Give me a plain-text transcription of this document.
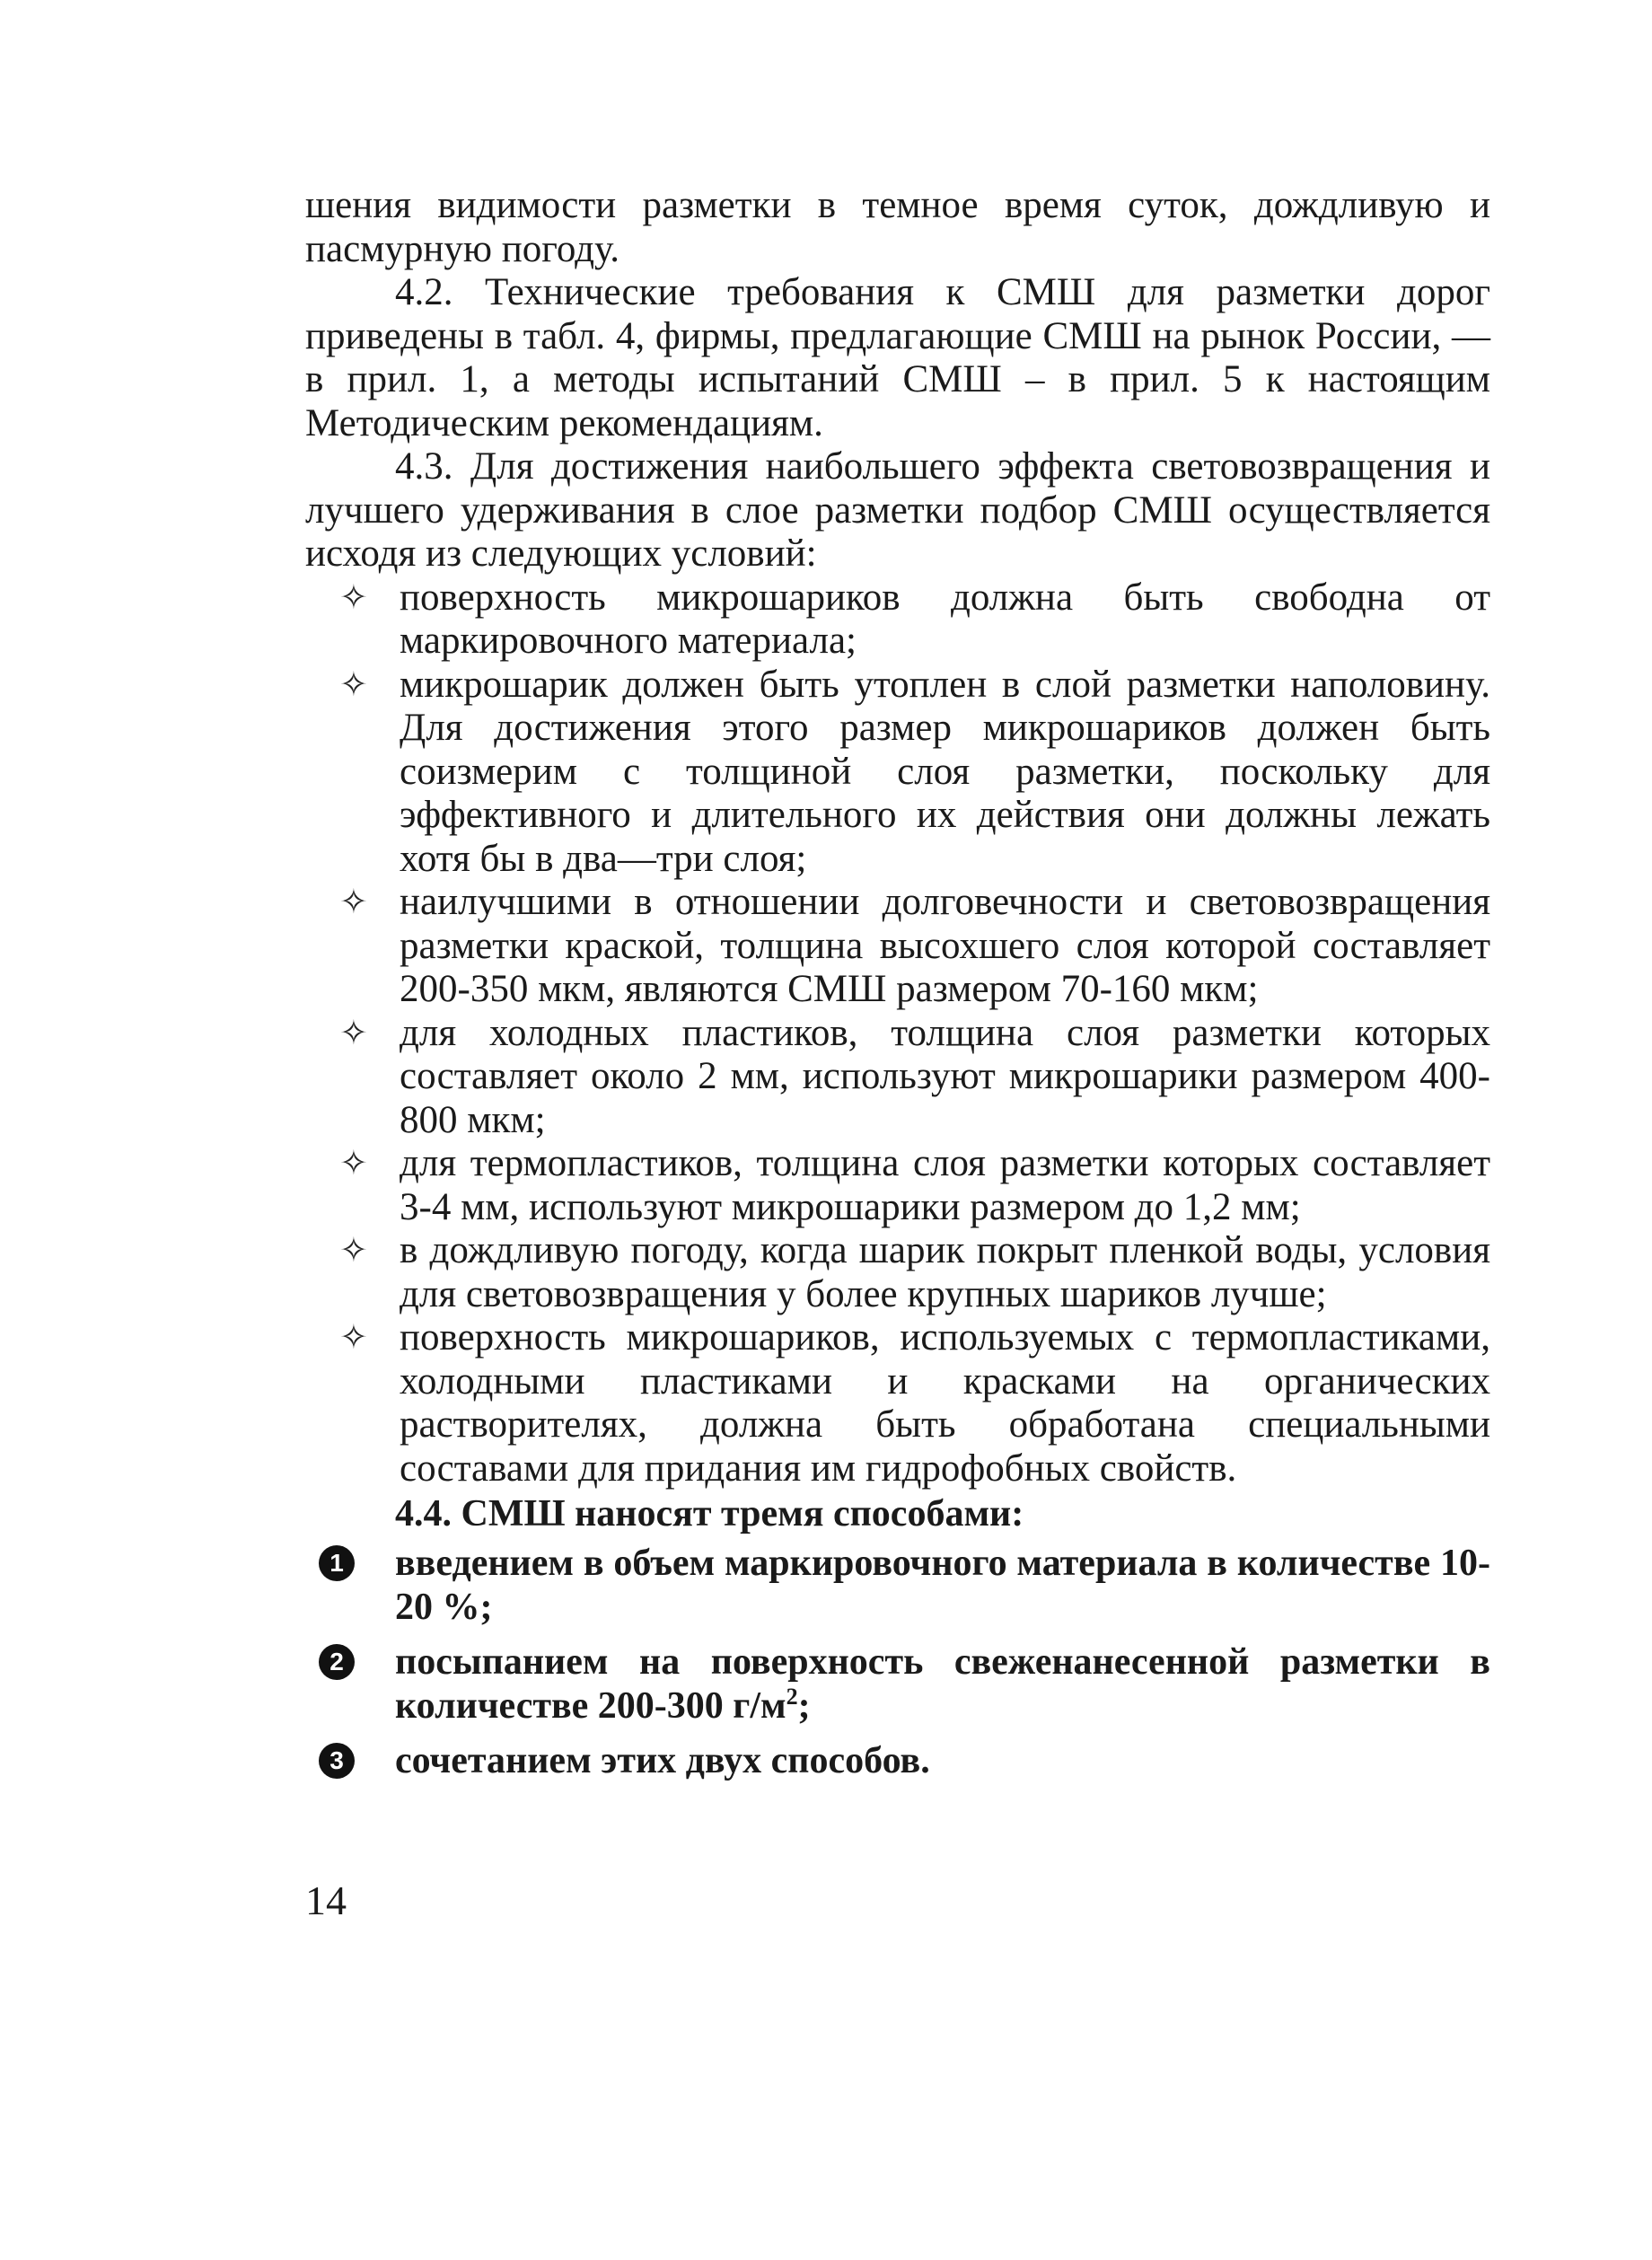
шения видимости разметки в темное время суток, дождливую и пасмурную погоду.

4.2. Технические требования к СМШ для разметки дорог приведены в табл. 4, фирмы, предлагающие СМШ на рынок России, — в прил. 1, а методы испытаний СМШ – в прил. 5 к настоящим Методическим рекомендациям.

4.3. Для достижения наибольшего эффекта световозвращения и лучшего удерживания в слое разметки подбор СМШ осуществляется исходя из следующих условий:

✧ поверхность микрошариков должна быть свободна от маркировочного материала;
✧ микрошарик должен быть утоплен в слой разметки наполовину. Для достижения этого размер микрошариков должен быть соизмерим с толщиной слоя разметки, поскольку для эффективного и длительного их действия они должны лежать хотя бы в два—три слоя;
✧ наилучшими в отношении долговечности и световозвращения разметки краской, толщина высохшего слоя которой составляет 200-350 мкм, являются СМШ размером 70-160 мкм;
✧ для холодных пластиков, толщина слоя разметки которых составляет около 2 мм, используют микрошарики размером 400-800 мкм;
✧ для термопластиков, толщина слоя разметки которых составляет 3-4 мм, используют микрошарики размером до 1,2 мм;
✧ в дождливую погоду, когда шарик покрыт пленкой воды, условия для световозвращения у более крупных шариков лучше;
✧ поверхность микрошариков, используемых с термопластиками, холодными пластиками и красками на органических растворителях, должна быть обработана специальными составами для придания им гидрофобных свойств.

4.4. СМШ наносят тремя способами:

1 введением в объем маркировочного материала в количестве 10-20 %;
2 посыпанием на поверхность свеженанесенной разметки в количестве 200-300 $г/м^2$;
3 сочетанием этих двух способов.
14
